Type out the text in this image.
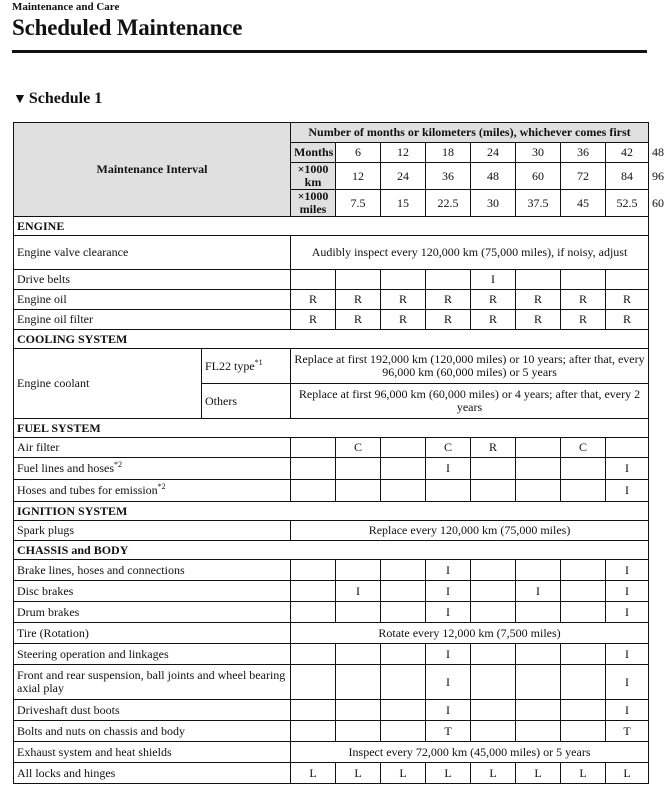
Maintenance and Care
Scheduled Maintenance
▼ Schedule 1
Maintenance Interval		Number of months or kilometers (miles), whichever comes first								
		Months	6	12	18	24	30	36	42	48
		×1000 km	12	24	36	48	60	72	84	96
		×1000 miles	7.5	15	22.5	30	37.5	45	52.5	60
ENGINE										
Engine valve clearance		Audibly inspect every 120,000 km (75,000 miles), if noisy, adjust								
Drive belts						I				
Engine oil		R	R	R	R	R	R	R	R	
Engine oil filter		R	R	R	R	R	R	R	R	
COOLING SYSTEM										
Engine coolant	FL22 type$^{*1}$	Replace at first 192,000 km (120,000 miles) or 10 years; after that, every 96,000 km (60,000 miles) or 5 years								
	Others	Replace at first 96,000 km (60,000 miles) or 4 years; after that, every 2 years								
FUEL SYSTEM										
Air filter			C		C	R		C		
Fuel lines and hoses$^{*2}$					I				I	
Hoses and tubes for emission$^{*2}$									I	
IGNITION SYSTEM										
Spark plugs		Replace every 120,000 km (75,000 miles)								
CHASSIS and BODY										
Brake lines, hoses and connections					I				I	
Disc brakes			I		I		I		I	
Drum brakes					I				I	
Tire (Rotation)		Rotate every 12,000 km (7,500 miles)								
Steering operation and linkages					I				I	
Front and rear suspension, ball joints and wheel bearing axial play					I				I	
Driveshaft dust boots					I				I	
Bolts and nuts on chassis and body					T				T	
Exhaust system and heat shields		Inspect every 72,000 km (45,000 miles) or 5 years								
All locks and hinges		L	L	L	L	L	L	L	L	
